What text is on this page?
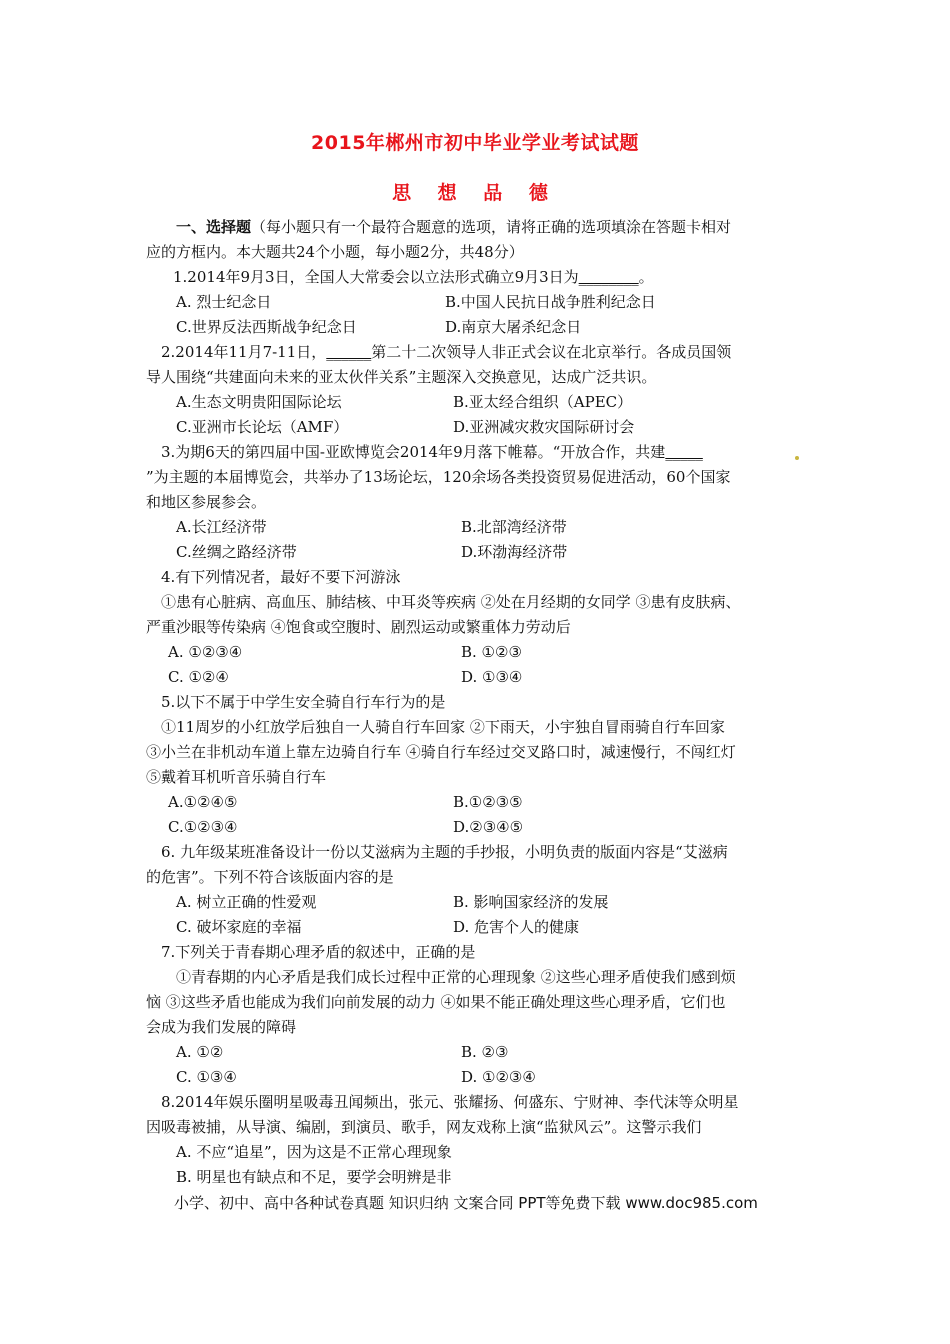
2015年郴州市初中毕业学业考试试题
思 想 品 德
一、选择题（每小题只有一个最符合题意的选项，请将正确的选项填涂在答题卡相对
应的方框内。本大题共24个小题，每小题2分，共48分）
1.2014年9月3日，全国人大常委会以立法形式确立9月3日为________。
A. 烈士纪念日	B.中国人民抗日战争胜利纪念日
C.世界反法西斯战争纪念日	D.南京大屠杀纪念日
2.2014年11月7-11日，______第二十二次领导人非正式会议在北京举行。各成员国领
导人围绕“共建面向未来的亚太伙伴关系”主题深入交换意见，达成广泛共识。
A.生态文明贵阳国际论坛	B.亚太经合组织（APEC）
C.亚洲市长论坛（AMF）	D.亚洲减灾救灾国际研讨会
3.为期6天的第四届中国-亚欧博览会2014年9月落下帷幕。“开放合作，共建_____
”为主题的本届博览会，共举办了13场论坛，120余场各类投资贸易促进活动，60个国家
和地区参展参会。
A.长江经济带	B.北部湾经济带
C.丝绸之路经济带	D.环渤海经济带
4.有下列情况者，最好不要下河游泳
①患有心脏病、高血压、肺结核、中耳炎等疾病 ②处在月经期的女同学 ③患有皮肤病、
严重沙眼等传染病 ④饱食或空腹时、剧烈运动或繁重体力劳动后
A. ①②③④	B. ①②③
C. ①②④	D. ①③④
5.以下不属于中学生安全骑自行车行为的是
①11周岁的小红放学后独自一人骑自行车回家 ②下雨天，小宇独自冒雨骑自行车回家
③小兰在非机动车道上靠左边骑自行车 ④骑自行车经过交叉路口时，减速慢行，不闯红灯
⑤戴着耳机听音乐骑自行车
A.①②④⑤	B.①②③⑤
C.①②③④	D.②③④⑤
6. 九年级某班准备设计一份以艾滋病为主题的手抄报，小明负责的版面内容是“艾滋病
的危害”。下列不符合该版面内容的是
A. 树立正确的性爱观	B. 影响国家经济的发展
C. 破坏家庭的幸福	D. 危害个人的健康
7.下列关于青春期心理矛盾的叙述中，正确的是
①青春期的内心矛盾是我们成长过程中正常的心理现象 ②这些心理矛盾使我们感到烦
恼 ③这些矛盾也能成为我们向前发展的动力 ④如果不能正确处理这些心理矛盾，它们也
会成为我们发展的障碍
A. ①②	B. ②③
C. ①③④	D. ①②③④
8.2014年娱乐圈明星吸毒丑闻频出，张元、张耀扬、何盛东、宁财神、李代沫等众明星
因吸毒被捕，从导演、编剧，到演员、歌手，网友戏称上演“监狱风云”。这警示我们
A. 不应“追星”，因为这是不正常心理现象
B. 明星也有缺点和不足，要学会明辨是非
小学、初中、高中各种试卷真题 知识归纳 文案合同 PPT等免费下载 www.doc985.com
